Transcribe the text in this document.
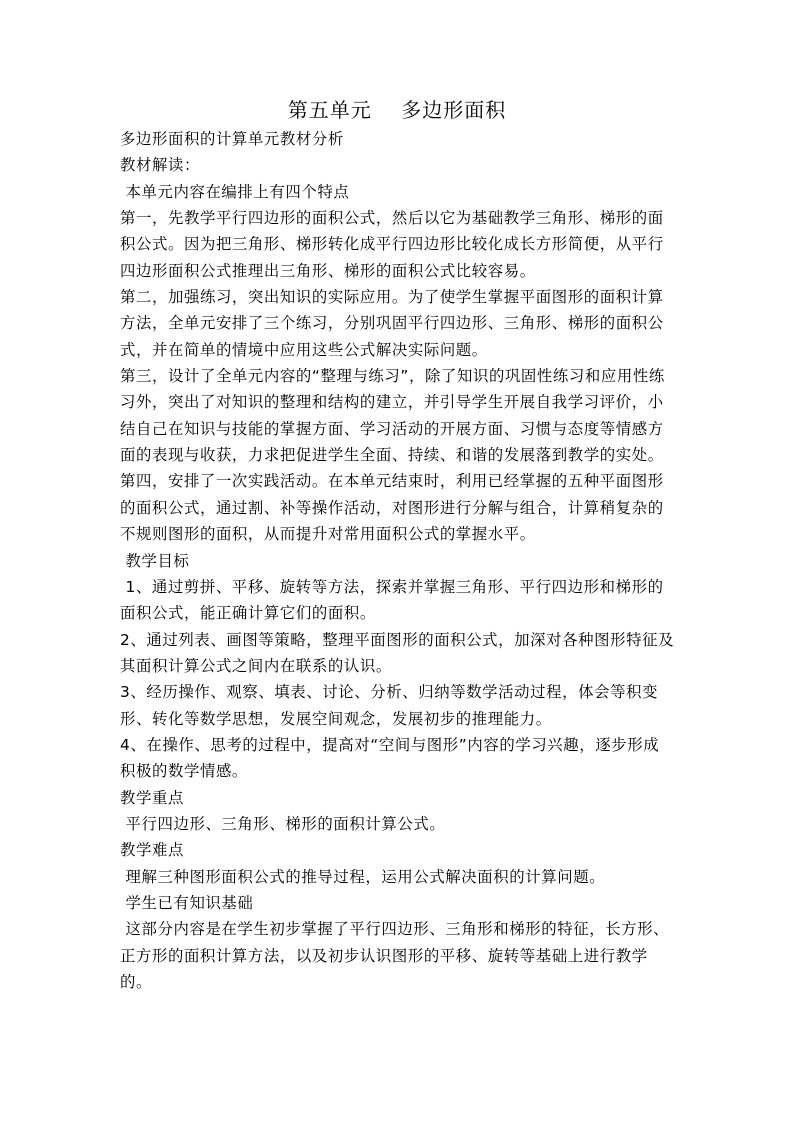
第五单元    多边形面积
多边形面积的计算单元教材分析
教材解读：
本单元内容在编排上有四个特点
第一，先教学平行四边形的面积公式，然后以它为基础教学三角形、梯形的面
积公式。因为把三角形、梯形转化成平行四边形比较化成长方形简便，从平行
四边形面积公式推理出三角形、梯形的面积公式比较容易。
第二，加强练习，突出知识的实际应用。为了使学生掌握平面图形的面积计算
方法，全单元安排了三个练习，分别巩固平行四边形、三角形、梯形的面积公
式，并在简单的情境中应用这些公式解决实际问题。
第三，设计了全单元内容的“整理与练习”，除了知识的巩固性练习和应用性练
习外，突出了对知识的整理和结构的建立，并引导学生开展自我学习评价，小
结自己在知识与技能的掌握方面、学习活动的开展方面、习惯与态度等情感方
面的表现与收获，力求把促进学生全面、持续、和谐的发展落到教学的实处。
第四，安排了一次实践活动。在本单元结束时，利用已经掌握的五种平面图形
的面积公式，通过割、补等操作活动，对图形进行分解与组合，计算稍复杂的
不规则图形的面积，从而提升对常用面积公式的掌握水平。
教学目标
1、通过剪拼、平移、旋转等方法，探索并掌握三角形、平行四边形和梯形的
面积公式，能正确计算它们的面积。
2、通过列表、画图等策略，整理平面图形的面积公式，加深对各种图形特征及
其面积计算公式之间内在联系的认识。
3、经历操作、观察、填表、讨论、分析、归纳等数学活动过程，体会等积变
形、转化等数学思想，发展空间观念，发展初步的推理能力。
4、在操作、思考的过程中，提高对“空间与图形”内容的学习兴趣，逐步形成
积极的数学情感。
教学重点
平行四边形、三角形、梯形的面积计算公式。
教学难点
理解三种图形面积公式的推导过程，运用公式解决面积的计算问题。
学生已有知识基础
这部分内容是在学生初步掌握了平行四边形、三角形和梯形的特征，长方形、
正方形的面积计算方法，以及初步认识图形的平移、旋转等基础上进行教学
的。
